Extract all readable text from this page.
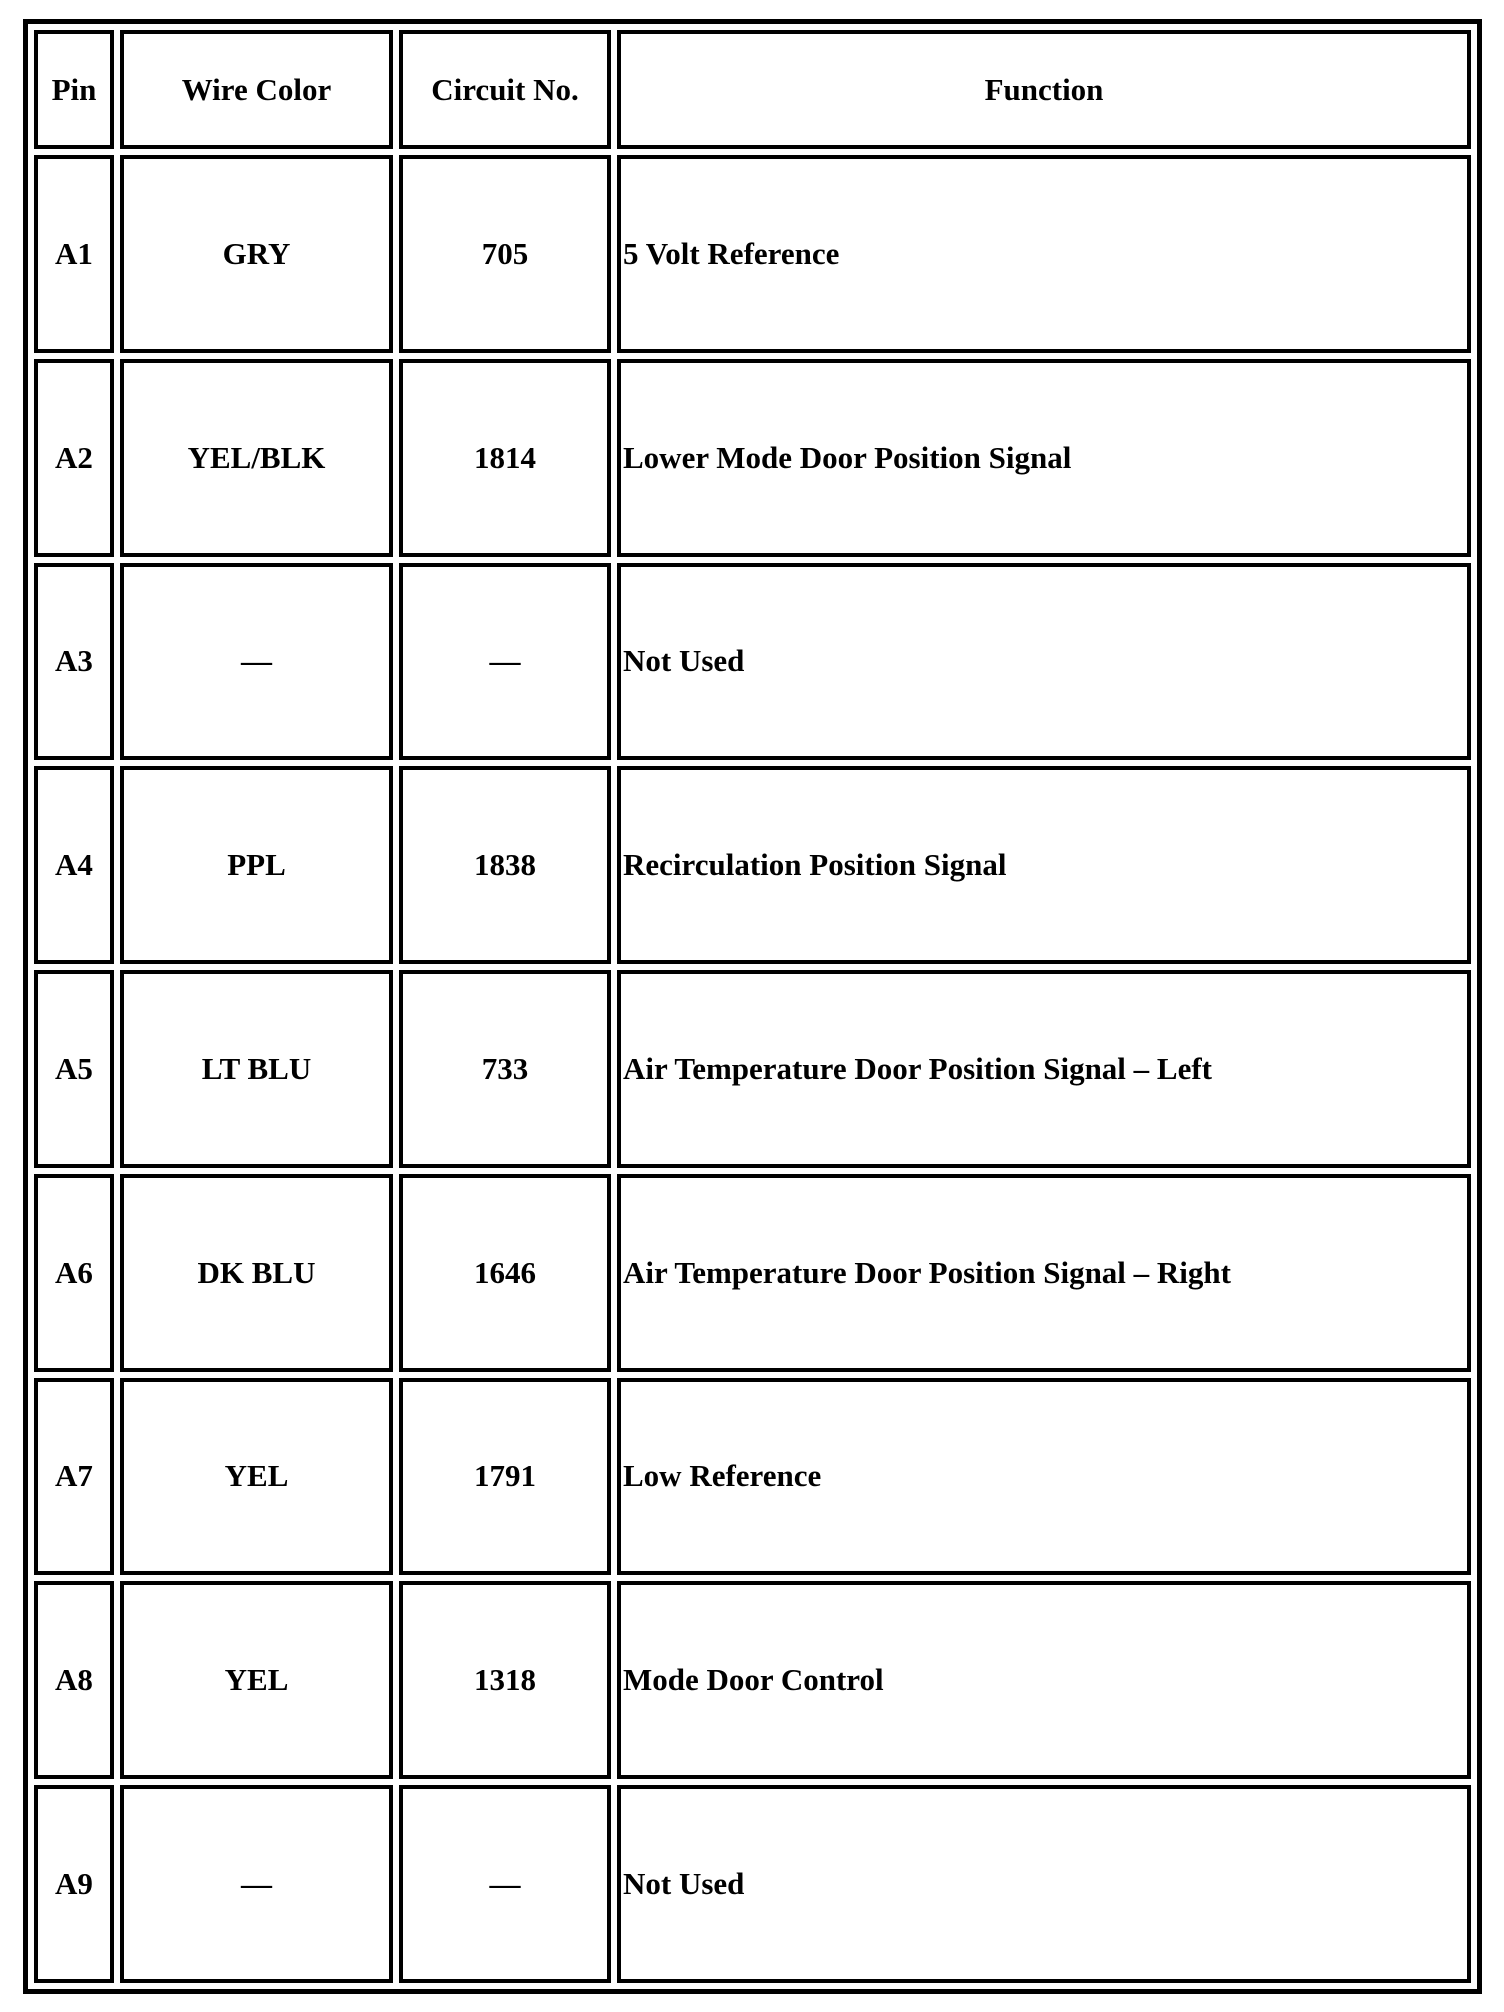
Pin	Wire Color	Circuit No.	Function
A1	GRY	705	5 Volt Reference
A2	YEL/BLK	1814	Lower Mode Door Position Signal
A3	—	—	Not Used
A4	PPL	1838	Recirculation Position Signal
A5	LT BLU	733	Air Temperature Door Position Signal – Left
A6	DK BLU	1646	Air Temperature Door Position Signal – Right
A7	YEL	1791	Low Reference
A8	YEL	1318	Mode Door Control
A9	—	—	Not Used
